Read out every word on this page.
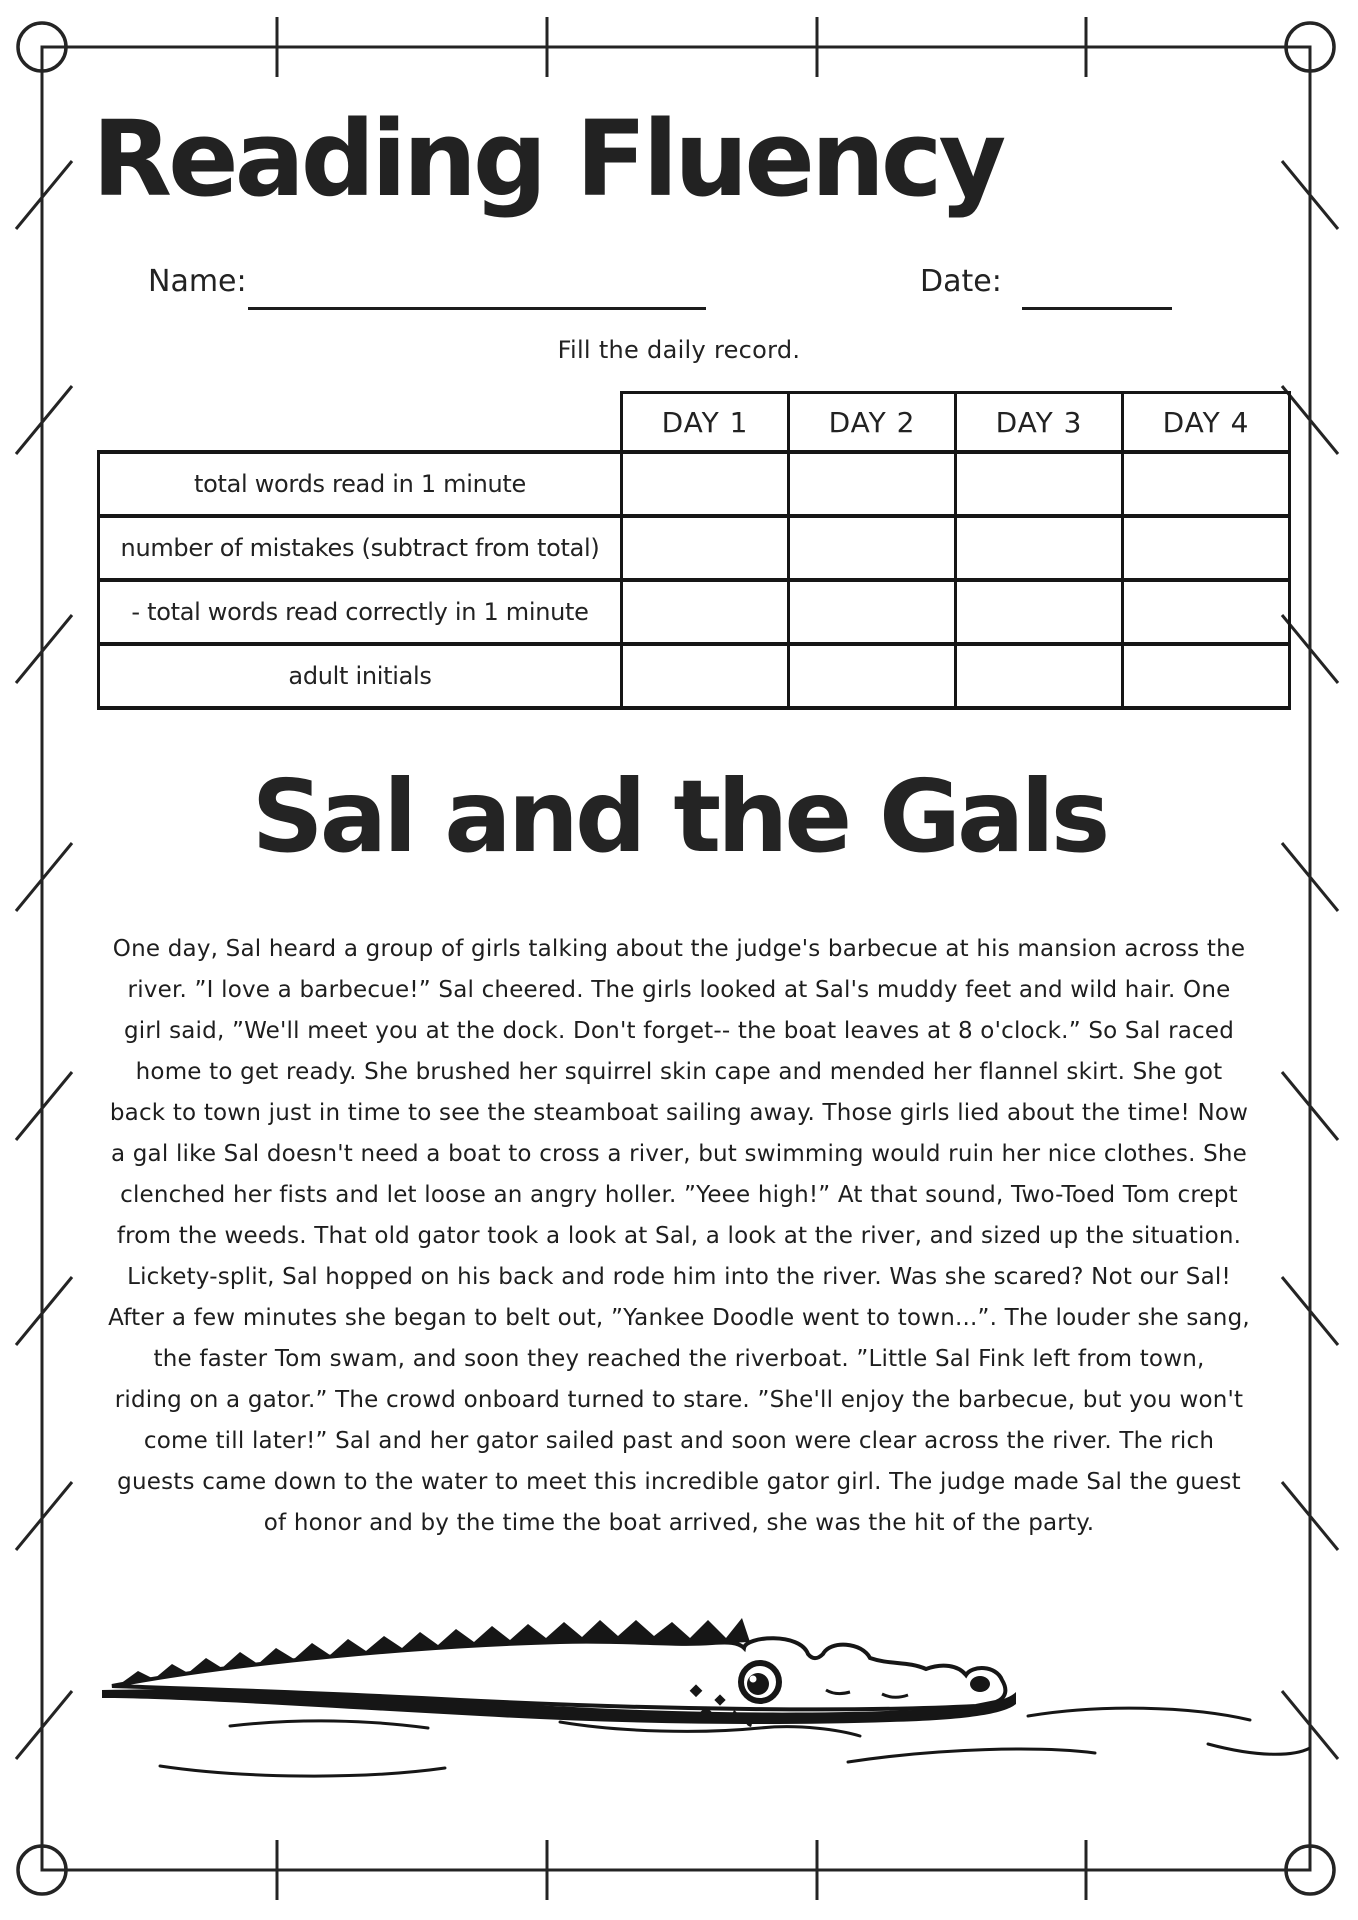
Reading Fluency
Name:	Date:
Fill the daily record.
	DAY 1	DAY 2	DAY 3	DAY 4
total words read in 1 minute				
number of mistakes (subtract from total)				
- total words read correctly in 1 minute				
adult initials				
Sal and the Gals
One day, Sal heard a group of girls talking about the judge's barbecue at his mansion across the
river. ”I love a barbecue!” Sal cheered. The girls looked at Sal's muddy feet and wild hair. One
girl said, ”We'll meet you at the dock. Don't forget-- the boat leaves at 8 o'clock.” So Sal raced
home to get ready. She brushed her squirrel skin cape and mended her flannel skirt. She got
back to town just in time to see the steamboat sailing away. Those girls lied about the time! Now
a gal like Sal doesn't need a boat to cross a river, but swimming would ruin her nice clothes. She
clenched her fists and let loose an angry holler. ”Yeee high!” At that sound, Two-Toed Tom crept
from the weeds. That old gator took a look at Sal, a look at the river, and sized up the situation.
Lickety-split, Sal hopped on his back and rode him into the river. Was she scared? Not our Sal!
After a few minutes she began to belt out, ”Yankee Doodle went to town...”. The louder she sang,
the faster Tom swam, and soon they reached the riverboat. ”Little Sal Fink left from town,
riding on a gator.” The crowd onboard turned to stare. ”She'll enjoy the barbecue, but you won't
come till later!” Sal and her gator sailed past and soon were clear across the river. The rich
guests came down to the water to meet this incredible gator girl. The judge made Sal the guest
of honor and by the time the boat arrived, she was the hit of the party.
